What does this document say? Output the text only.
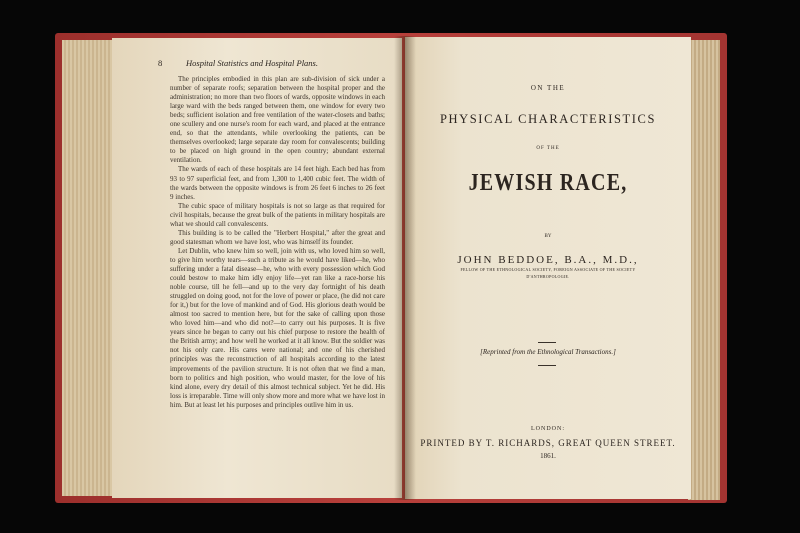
8	Hospital Statistics and Hospital Plans.

The principles embodied in this plan are sub-division of sick under a number of separate roofs; separation between the hospital proper and the administration; no more than two floors of wards, opposite windows in each large ward with the beds ranged between them, one window for every two beds; sufficient isolation and free ventilation of the water-closets and baths; one scullery and one nurse's room for each ward, and placed at the entrance end, so that the attendants, while overlooking the patients, can be themselves overlooked; large separate day room for convalescents; building to be placed on high ground in the open country; abundant external ventilation.

The wards of each of these hospitals are 14 feet high. Each bed has from 93 to 97 superficial feet, and from 1,300 to 1,400 cubic feet. The width of the wards between the opposite windows is from 26 feet 6 inches to 26 feet 9 inches.

The cubic space of military hospitals is not so large as that required for civil hospitals, because the great bulk of the patients in military hospitals are what we should call convalescents.

This building is to be called the "Herbert Hospital," after the great and good statesman whom we have lost, who was himself its founder.

Let Dublin, who knew him so well, join with us, who loved him so well, to give him worthy tears—such a tribute as he would have liked—he, who suffering under a fatal disease—he, who with every possession which God could bestow to make him idly enjoy life—yet ran like a race-horse his noble course, till he fell—and up to the very day fortnight of his death struggled on doing good, not for the love of power or place, (he did not care for it,) but for the love of mankind and of God. His glorious death would be almost too sacred to mention here, but for the sake of calling upon those who loved him—and who did not?—to carry out his purposes. It is five years since he began to carry out his chief purpose to restore the health of the British army; and how well he worked at it all know. But the soldier was not his only care. His cares were national; and one of his cherished principles was the reconstruction of all hospitals according to the latest improvements of the pavilion structure. It is not often that we find a man, born to politics and high position, who would master, for the love of his kind alone, every dry detail of this almost technical subject. Yet he did. His loss is irreparable. Time will only show more and more what we have lost in him. But at least let his purposes and principles outlive him in us.

ON THE
PHYSICAL CHARACTERISTICS
OF THE
JEWISH RACE,
BY
JOHN BEDDOE, B.A., M.D.,
FELLOW OF THE ETHNOLOGICAL SOCIETY, FOREIGN ASSOCIATE OF THE SOCIETY
D'ANTHROPOLOGIE.
[Reprinted from the Ethnological Transactions.]
LONDON:
PRINTED BY T. RICHARDS, GREAT QUEEN STREET.
1861.
